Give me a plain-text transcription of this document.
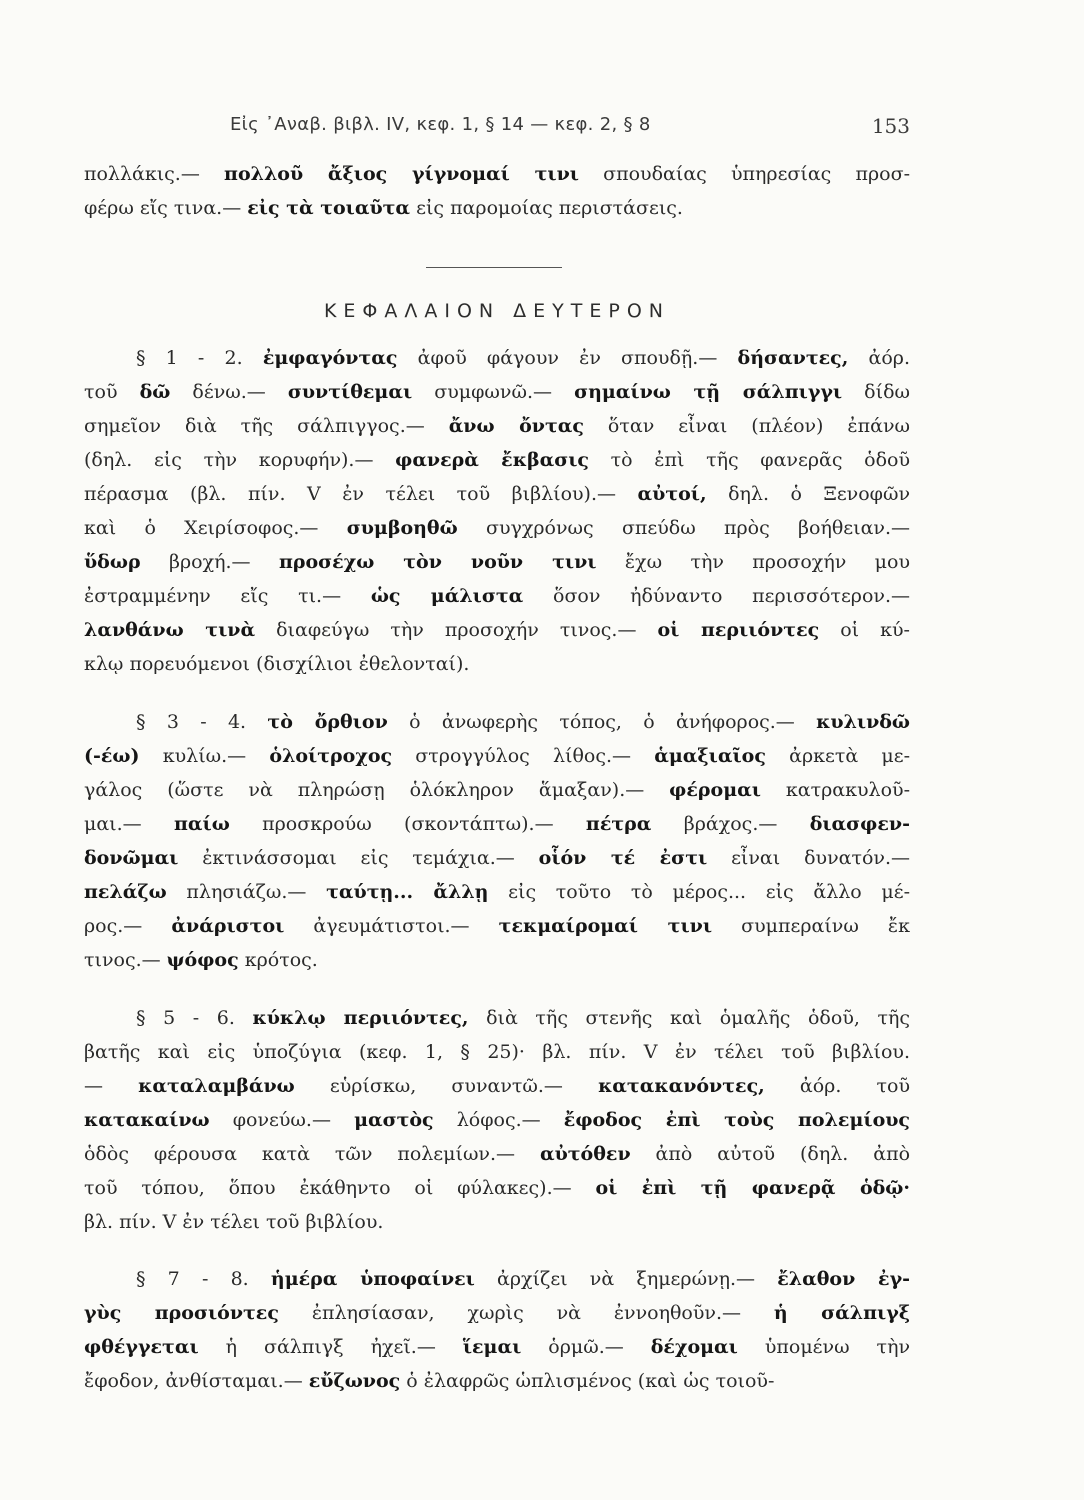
Εἰς ᾿Αναβ. βιβλ. IV, κεφ. 1, § 14 — κεφ. 2, § 8	153
πολλάκις.— πολλοῦ ἄξιος γίγνομαί τινι σπουδαίας ὑπηρεσίας προσ-
φέρω εἴς τινα.— εἰς τὰ τοιαῦτα εἰς παρομοίας περιστάσεις.
ΚΕΦΑΛΑΙΟΝ ΔΕΥΤΕΡΟΝ
§ 1 - 2. ἐμφαγόντας ἀφοῦ φάγουν ἐν σπουδῇ.— δήσαντες, ἀόρ.
τοῦ δῶ δένω.— συντίθεμαι συμφωνῶ.— σημαίνω τῇ σάλπιγγι δίδω
σημεῖον διὰ τῆς σάλπιγγος.— ἄνω ὄντας ὅταν εἶναι (πλέον) ἐπάνω
(δηλ. εἰς τὴν κορυφήν).— φανερὰ ἔκβασις τὸ ἐπὶ τῆς φανερᾶς ὁδοῦ
πέρασμα (βλ. πίν. V ἐν τέλει τοῦ βιβλίου).— αὐτοί, δηλ. ὁ Ξενοφῶν
καὶ ὁ Χειρίσοφος.— συμβοηθῶ συγχρόνως σπεύδω πρὸς βοήθειαν.—
ὕδωρ βροχή.— προσέχω τὸν νοῦν τινι ἔχω τὴν προσοχήν μου
ἐστραμμένην εἴς τι.— ὡς μάλιστα ὅσον ἠδύναντο περισσότερον.—
λανθάνω τινὰ διαφεύγω τὴν προσοχήν τινος.— οἱ περιιόντες οἱ κύ-
κλῳ πορευόμενοι (δισχίλιοι ἐθελονταί).
§ 3 - 4. τὸ ὄρθιον ὁ ἀνωφερὴς τόπος, ὁ ἀνήφορος.— κυλινδῶ
(-έω) κυλίω.— ὁλοίτροχος στρογγύλος λίθος.— ἁμαξιαῖος ἀρκετὰ με-
γάλος (ὥστε νὰ πληρώσῃ ὁλόκληρον ἅμαξαν).— φέρομαι κατρακυλοῦ-
μαι.— παίω προσκρούω (σκοντάπτω).— πέτρα βράχος.— διασφεν-
δονῶμαι ἐκτινάσσομαι εἰς τεμάχια.— οἷόν τέ ἐστι εἶναι δυνατόν.—
πελάζω πλησιάζω.— ταύτῃ... ἄλλῃ εἰς τοῦτο τὸ μέρος... εἰς ἄλλο μέ-
ρος.— ἀνάριστοι ἀγευμάτιστοι.— τεκμαίρομαί τινι συμπεραίνω ἔκ
τινος.— ψόφος κρότος.
§ 5 - 6. κύκλῳ περιιόντες, διὰ τῆς στενῆς καὶ ὁμαλῆς ὁδοῦ, τῆς
βατῆς καὶ εἰς ὑποζύγια (κεφ. 1, § 25)· βλ. πίν. V ἐν τέλει τοῦ βιβλίου.
— καταλαμβάνω εὑρίσκω, συναντῶ.— κατακανόντες, ἀόρ. τοῦ
κατακαίνω φονεύω.— μαστὸς λόφος.— ἔφοδος ἐπὶ τοὺς πολεμίους
ὁδὸς φέρουσα κατὰ τῶν πολεμίων.— αὐτόθεν ἀπὸ αὐτοῦ (δηλ. ἀπὸ
τοῦ τόπου, ὅπου ἐκάθηντο οἱ φύλακες).— οἱ ἐπὶ τῇ φανερᾷ ὁδῷ·
βλ. πίν. V ἐν τέλει τοῦ βιβλίου.
§ 7 - 8. ἡμέρα ὑποφαίνει ἀρχίζει νὰ ξημερώνῃ.— ἔλαθον ἐγ-
γὺς προσιόντες ἐπλησίασαν, χωρὶς νὰ ἐννοηθοῦν.— ἡ σάλπιγξ
φθέγγεται ἡ σάλπιγξ ἠχεῖ.— ἵεμαι ὁρμῶ.— δέχομαι ὑπομένω τὴν
ἔφοδον, ἀνθίσταμαι.— εὔζωνος ὁ ἐλαφρῶς ὡπλισμένος (καὶ ὡς τοιοῦ-
